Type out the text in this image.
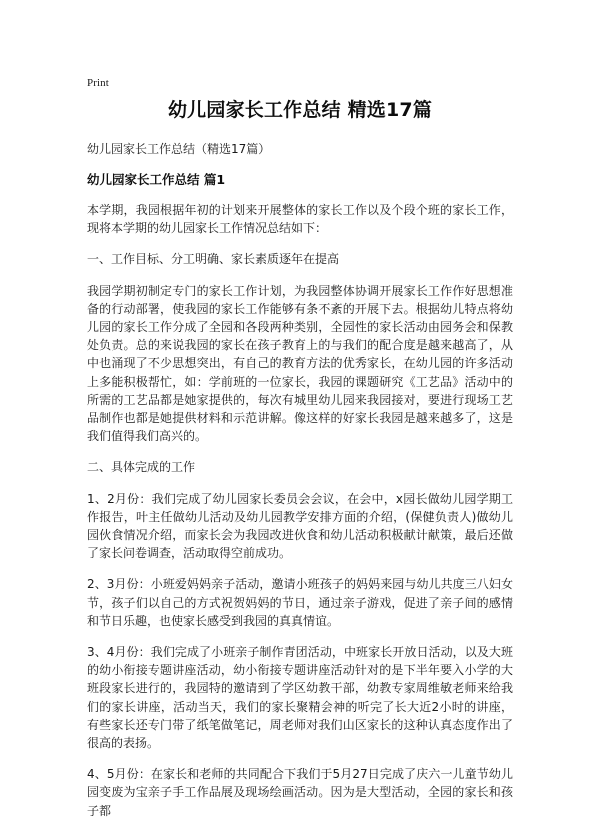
Print
幼儿园家长工作总结 精选17篇
幼儿园家长工作总结（精选17篇）
幼儿园家长工作总结 篇1

本学期，我园根据年初的计划来开展整体的家长工作以及个段个班的家长工作，现将本学期的幼儿园家长工作情况总结如下：

一、工作目标、分工明确、家长素质逐年在提高

我园学期初制定专门的家长工作计划，为我园整体协调开展家长工作作好思想准备的行动部署，使我园的家长工作能够有条不紊的开展下去。根据幼儿特点将幼儿园的家长工作分成了全园和各段两种类别，全园性的家长活动由园务会和保教处负责。总的来说我园的家长在孩子教育上的与我们的配合度是越来越高了，从中也涌现了不少思想突出，有自己的教育方法的优秀家长，在幼儿园的许多活动上多能积极帮忙，如：学前班的一位家长，我园的课题研究《工艺品》活动中的所需的工艺品都是她家提供的，每次有城里幼儿园来我园接对，要进行现场工艺品制作也都是她提供材料和示范讲解。像这样的好家长我园是越来越多了，这是我们值得我们高兴的。

二、具体完成的工作

1、2月份：我们完成了幼儿园家长委员会会议，在会中，x园长做幼儿园学期工作报告，叶主任做幼儿活动及幼儿园教学安排方面的介绍，(保健负责人)做幼儿园伙食情况介绍，而家长会为我园改进伙食和幼儿活动积极献计献策，最后还做了家长问卷调查，活动取得空前成功。

2、3月份：小班爱妈妈亲子活动，邀请小班孩子的妈妈来园与幼儿共度三八妇女节，孩子们以自己的方式祝贺妈妈的节日，通过亲子游戏，促进了亲子间的感情和节日乐趣，也使家长感受到我园的真真情谊。

3、4月份：我们完成了小班亲子制作青团活动，中班家长开放日活动，以及大班的幼小衔接专题讲座活动，幼小衔接专题讲座活动针对的是下半年要入小学的大班段家长进行的，我园特的邀请到了学区幼教干部，幼教专家周维敏老师来给我们的家长讲座，活动当天，我们的家长聚精会神的听完了长大近2小时的讲座，有些家长还专门带了纸笔做笔记，周老师对我们山区家长的这种认真态度作出了很高的表扬。

4、5月份：在家长和老师的共同配合下我们于5月27日完成了庆六一儿童节幼儿园变废为宝亲子手工作品展及现场绘画活动。因为是大型活动，全园的家长和孩子都
